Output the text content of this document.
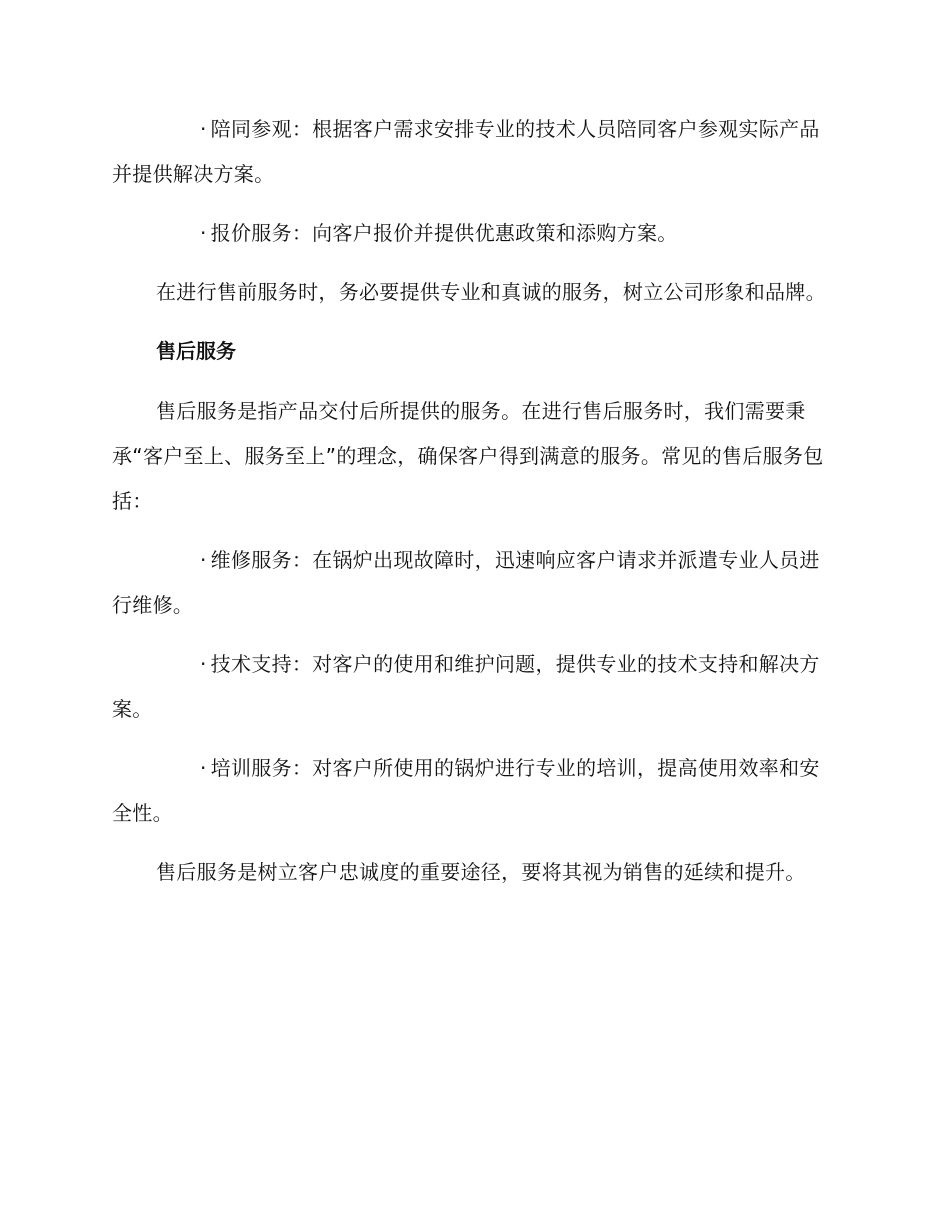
· 陪同参观：根据客户需求安排专业的技术人员陪同客户参观实际产品并提供解决方案。

· 报价服务：向客户报价并提供优惠政策和添购方案。

在进行售前服务时，务必要提供专业和真诚的服务，树立公司形象和品牌。

售后服务

售后服务是指产品交付后所提供的服务。在进行售后服务时，我们需要秉承“客户至上、服务至上”的理念，确保客户得到满意的服务。常见的售后服务包括：

· 维修服务：在锅炉出现故障时，迅速响应客户请求并派遣专业人员进行维修。

· 技术支持：对客户的使用和维护问题，提供专业的技术支持和解决方案。

· 培训服务：对客户所使用的锅炉进行专业的培训，提高使用效率和安全性。

售后服务是树立客户忠诚度的重要途径，要将其视为销售的延续和提升。
